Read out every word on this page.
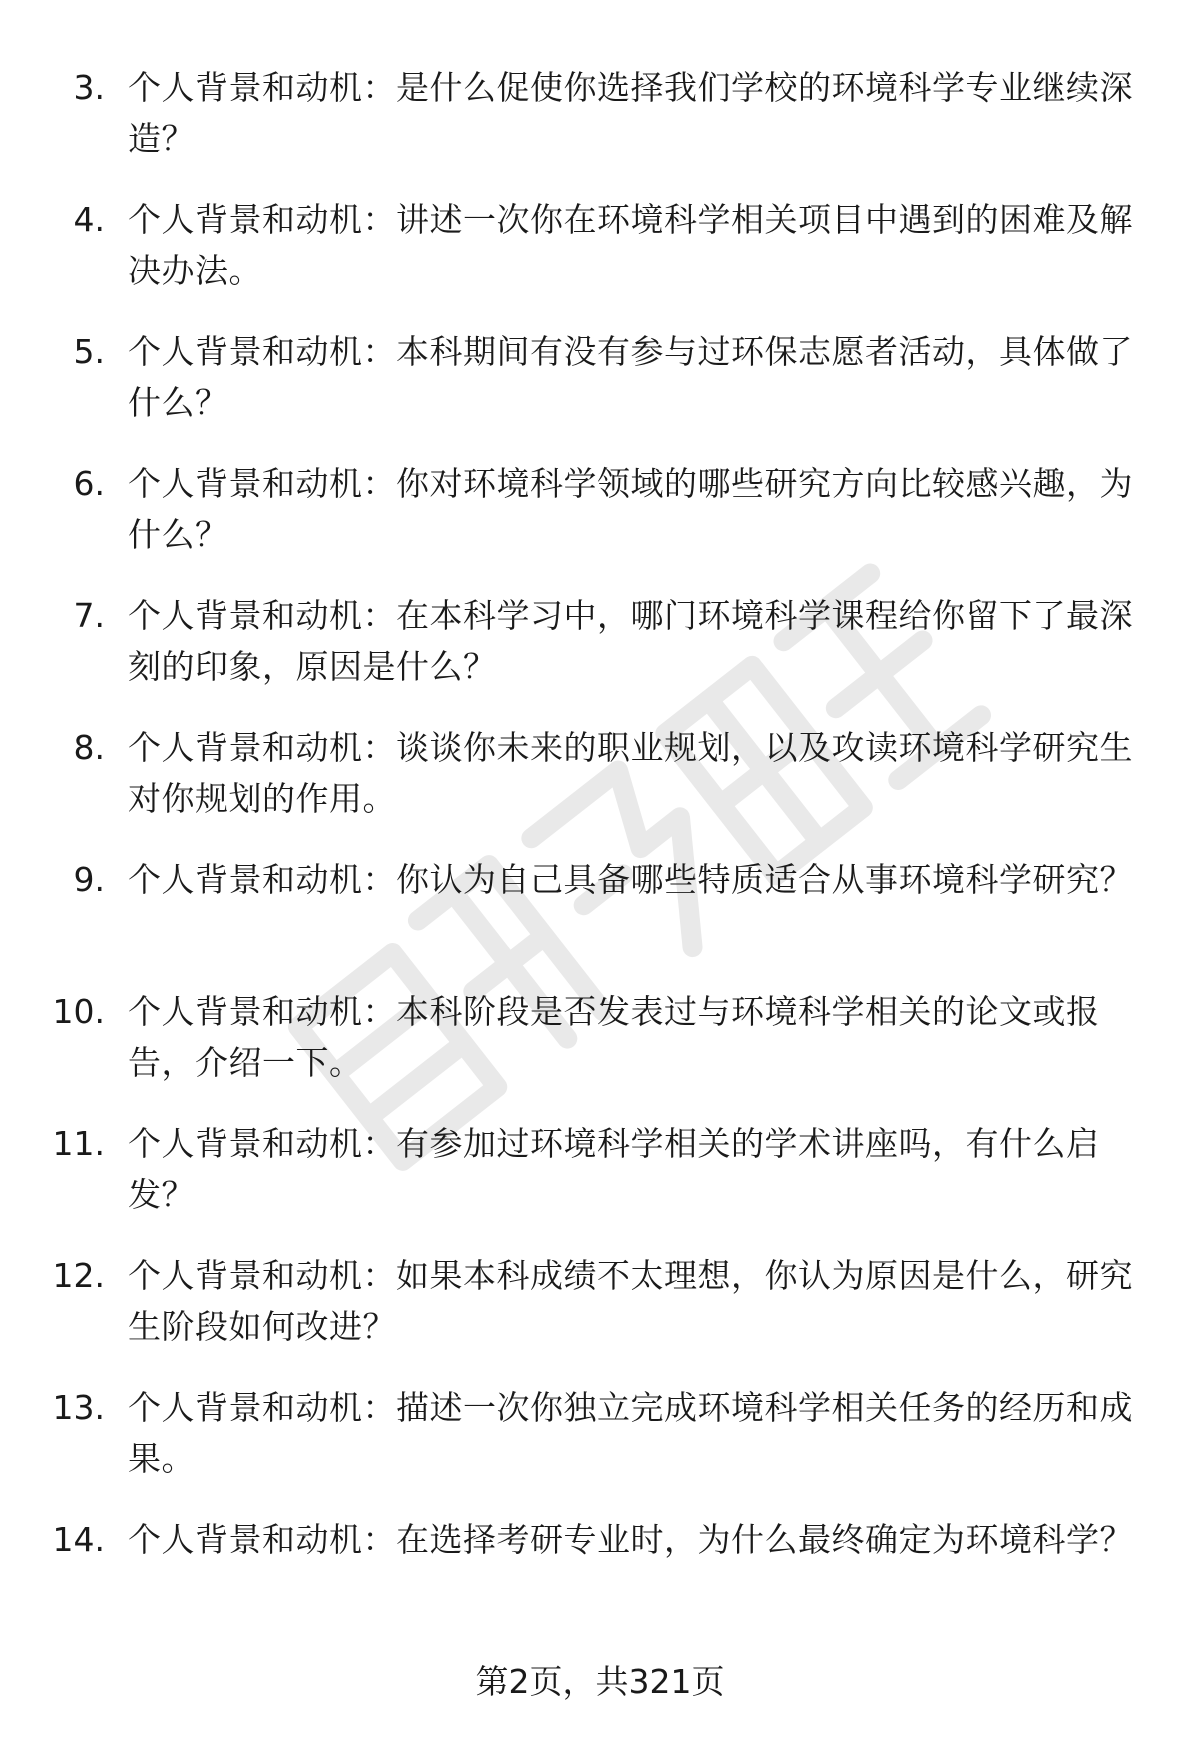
3. 个人背景和动机：是什么促使你选择我们学校的环境科学专业继续深造？
4. 个人背景和动机：讲述一次你在环境科学相关项目中遇到的困难及解决办法。
5. 个人背景和动机：本科期间有没有参与过环保志愿者活动，具体做了什么？
6. 个人背景和动机：你对环境科学领域的哪些研究方向比较感兴趣，为什么？
7. 个人背景和动机：在本科学习中，哪门环境科学课程给你留下了最深刻的印象，原因是什么？
8. 个人背景和动机：谈谈你未来的职业规划，以及攻读环境科学研究生对你规划的作用。
9. 个人背景和动机：你认为自己具备哪些特质适合从事环境科学研究？
10. 个人背景和动机：本科阶段是否发表过与环境科学相关的论文或报告，介绍一下。
11. 个人背景和动机：有参加过环境科学相关的学术讲座吗，有什么启发？
12. 个人背景和动机：如果本科成绩不太理想，你认为原因是什么，研究生阶段如何改进？
13. 个人背景和动机：描述一次你独立完成环境科学相关任务的经历和成果。
14. 个人背景和动机：在选择考研专业时，为什么最终确定为环境科学？
第2页，共321页
